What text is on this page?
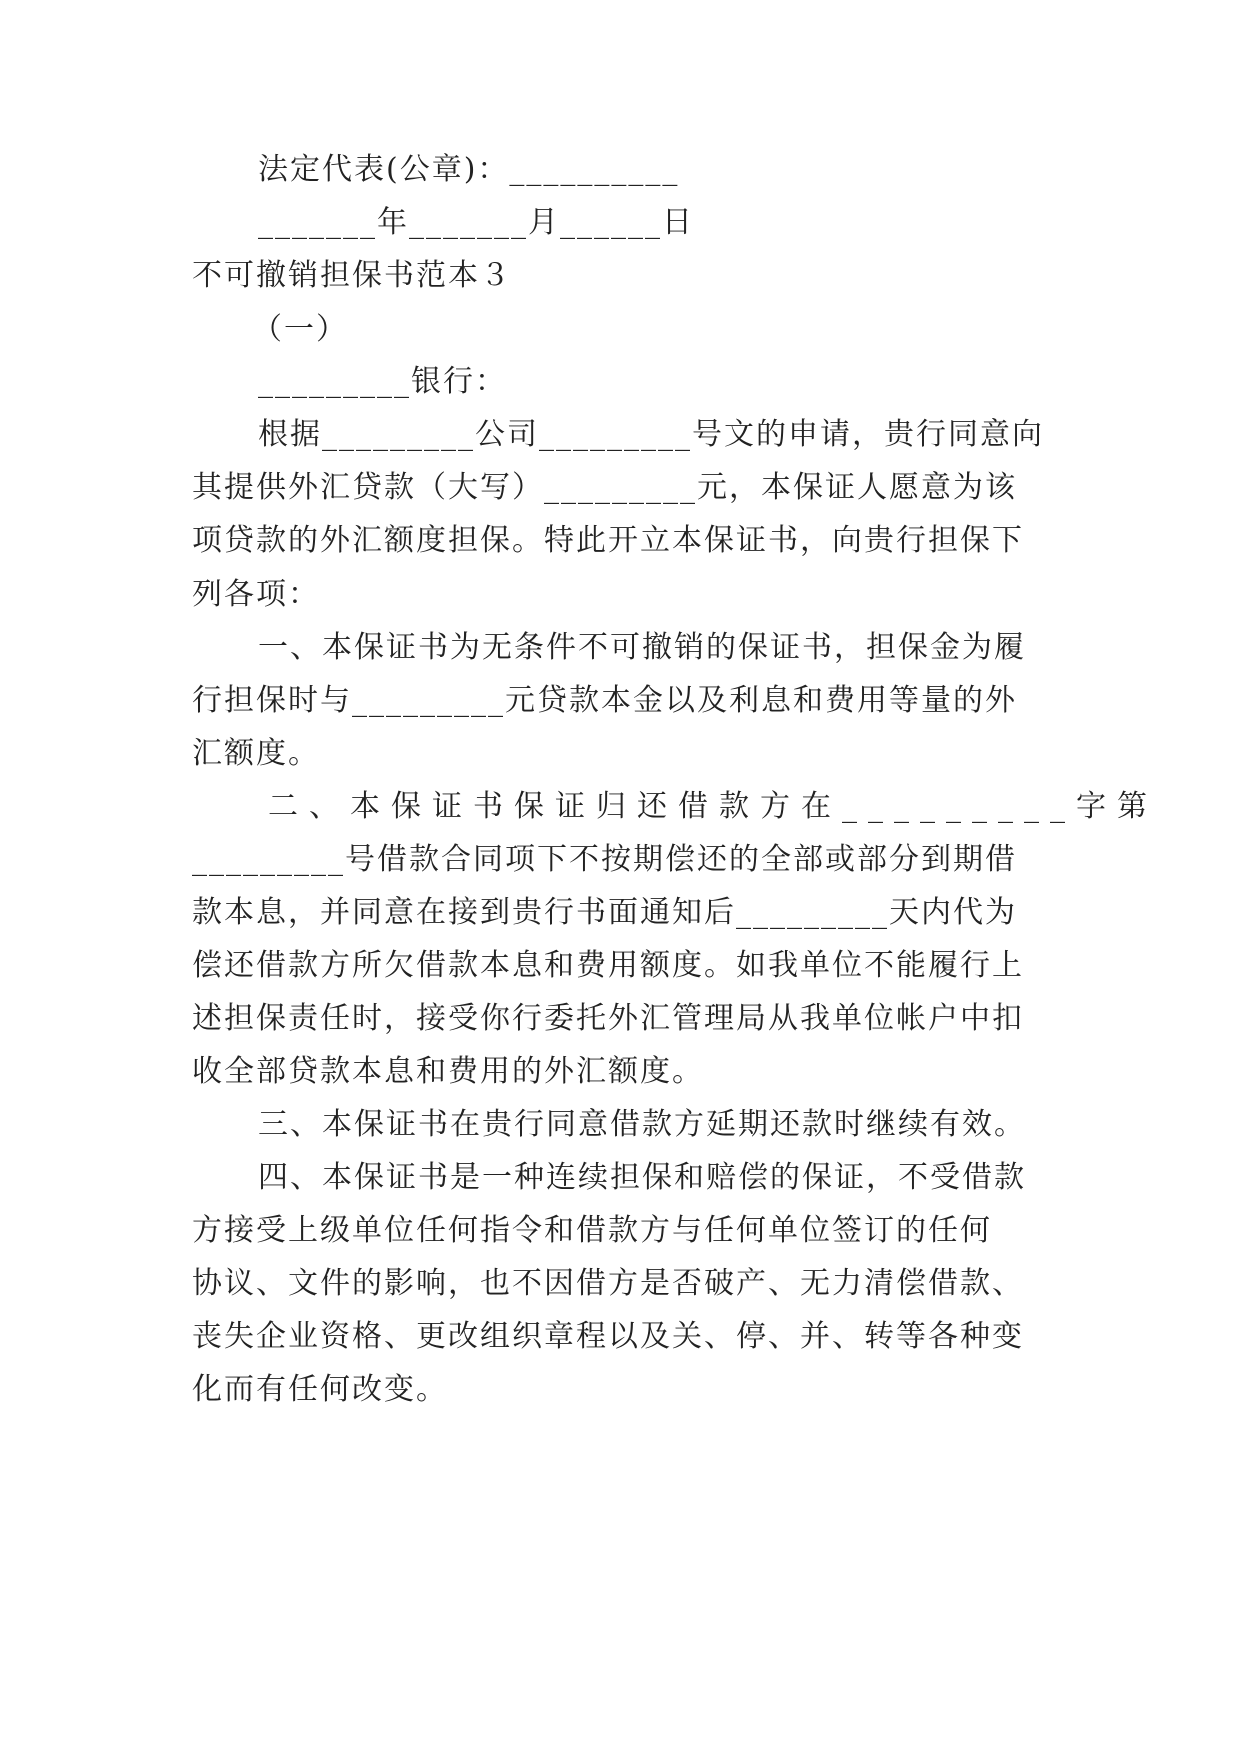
法定代表(公章)：__________
_______年_______月______日
不可撤销担保书范本３
（一）
_________银行：
根据_________公司_________号文的申请，贵行同意向
其提供外汇贷款（大写）_________元，本保证人愿意为该
项贷款的外汇额度担保。特此开立本保证书，向贵行担保下
列各项：
一、本保证书为无条件不可撤销的保证书，担保金为履
行担保时与_________元贷款本金以及利息和费用等量的外
汇额度。
二、本保证书保证归还借款方在_________字第
_________号借款合同项下不按期偿还的全部或部分到期借
款本息，并同意在接到贵行书面通知后_________天内代为
偿还借款方所欠借款本息和费用额度。如我单位不能履行上
述担保责任时，接受你行委托外汇管理局从我单位帐户中扣
收全部贷款本息和费用的外汇额度。
三、本保证书在贵行同意借款方延期还款时继续有效。
四、本保证书是一种连续担保和赔偿的保证，不受借款
方接受上级单位任何指令和借款方与任何单位签订的任何
协议、文件的影响，也不因借方是否破产、无力清偿借款、
丧失企业资格、更改组织章程以及关、停、并、转等各种变
化而有任何改变。
